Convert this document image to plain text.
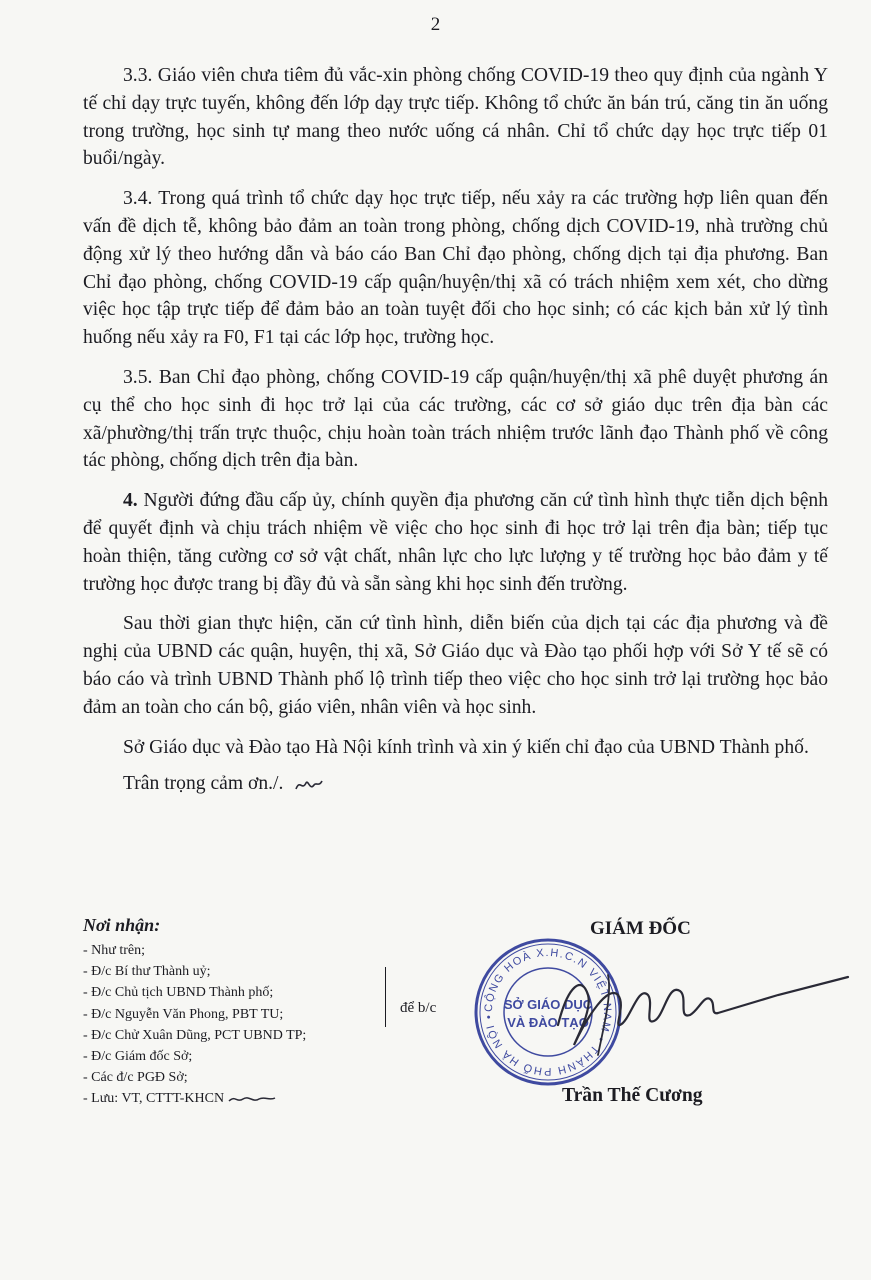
2

3.3. Giáo viên chưa tiêm đủ vắc-xin phòng chống COVID-19 theo quy định của ngành Y tế chỉ dạy trực tuyến, không đến lớp dạy trực tiếp. Không tổ chức ăn bán trú, căng tin ăn uống trong trường, học sinh tự mang theo nước uống cá nhân. Chỉ tổ chức dạy học trực tiếp 01 buổi/ngày.

3.4. Trong quá trình tổ chức dạy học trực tiếp, nếu xảy ra các trường hợp liên quan đến vấn đề dịch tễ, không bảo đảm an toàn trong phòng, chống dịch COVID-19, nhà trường chủ động xử lý theo hướng dẫn và báo cáo Ban Chỉ đạo phòng, chống dịch tại địa phương. Ban Chỉ đạo phòng, chống COVID-19 cấp quận/huyện/thị xã có trách nhiệm xem xét, cho dừng việc học tập trực tiếp để đảm bảo an toàn tuyệt đối cho học sinh; có các kịch bản xử lý tình huống nếu xảy ra F0, F1 tại các lớp học, trường học.

3.5. Ban Chỉ đạo phòng, chống COVID-19 cấp quận/huyện/thị xã phê duyệt phương án cụ thể cho học sinh đi học trở lại của các trường, các cơ sở giáo dục trên địa bàn các xã/phường/thị trấn trực thuộc, chịu hoàn toàn trách nhiệm trước lãnh đạo Thành phố về công tác phòng, chống dịch trên địa bàn.

4. Người đứng đầu cấp ủy, chính quyền địa phương căn cứ tình hình thực tiễn dịch bệnh để quyết định và chịu trách nhiệm về việc cho học sinh đi học trở lại trên địa bàn; tiếp tục hoàn thiện, tăng cường cơ sở vật chất, nhân lực cho lực lượng y tế trường học bảo đảm y tế trường học được trang bị đầy đủ và sẵn sàng khi học sinh đến trường.

Sau thời gian thực hiện, căn cứ tình hình, diễn biến của dịch tại các địa phương và đề nghị của UBND các quận, huyện, thị xã, Sở Giáo dục và Đào tạo phối hợp với Sở Y tế sẽ có báo cáo và trình UBND Thành phố lộ trình tiếp theo việc cho học sinh trở lại trường học bảo đảm an toàn cho cán bộ, giáo viên, nhân viên và học sinh.

Sở Giáo dục và Đào tạo Hà Nội kính trình và xin ý kiến chỉ đạo của UBND Thành phố.

Trân trọng cảm ơn./.

Nơi nhận:

- Như trên;
- Đ/c Bí thư Thành uỷ;
- Đ/c Chủ tịch UBND Thành phố;
- Đ/c Nguyễn Văn Phong, PBT TU;
- Đ/c Chử Xuân Dũng, PCT UBND TP;
- Đ/c Giám đốc Sở;
- Các đ/c PGĐ Sở;
- Lưu: VT, CTTT-KHCN
để b/c
GIÁM ĐỐC
CỘNG HOÀ X.H.C.N VIỆT NAM • THÀNH PHỐ HÀ NỘI •
SỞ GIÁO DỤC
VÀ ĐÀO TẠO
Trần Thế Cương
